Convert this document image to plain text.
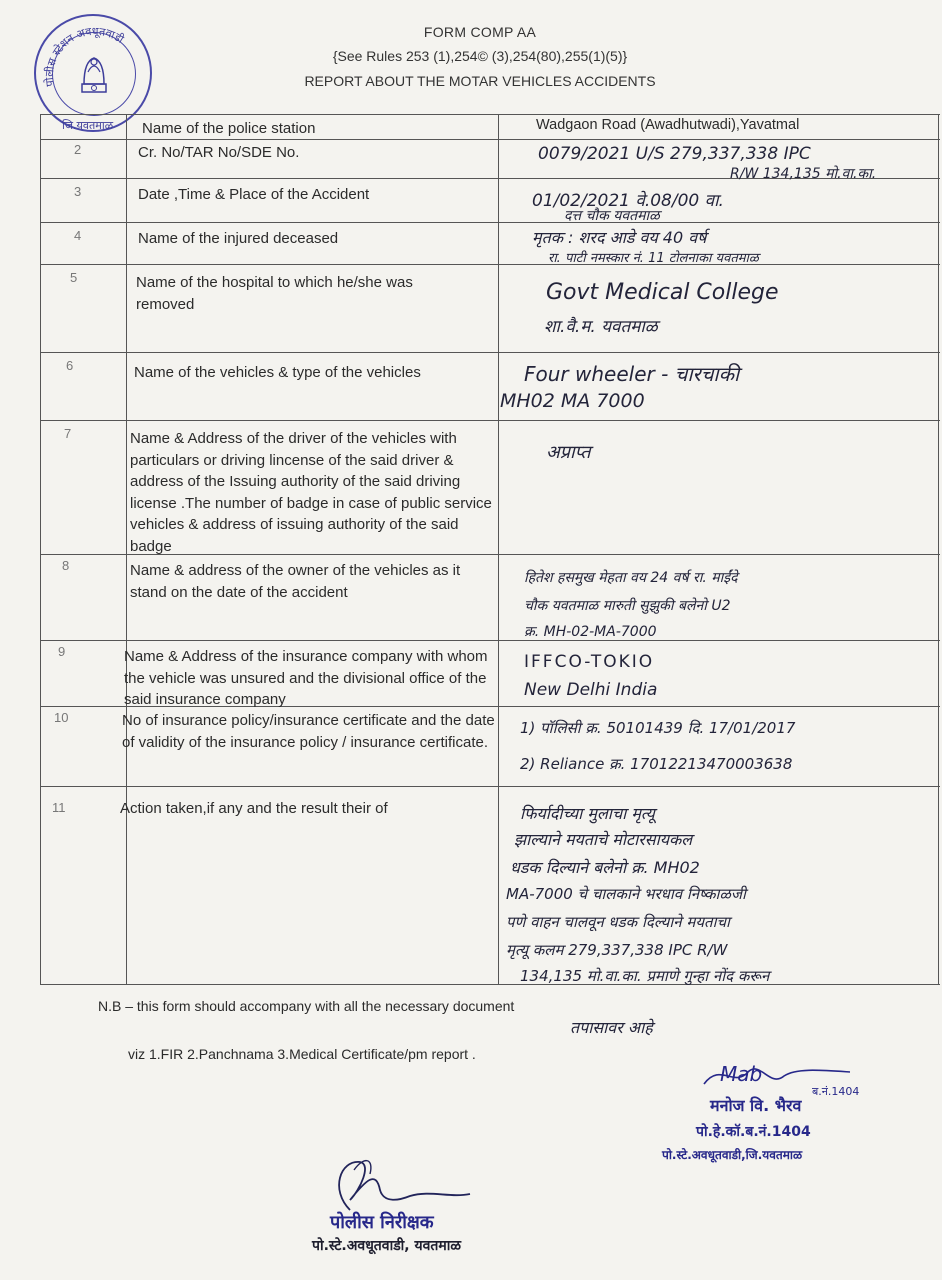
पोलीस स्टेशन अवधूतवाडी	FORM COMP AA
{See Rules 253 (1),254© (3),254(80),255(1)(5)}
REPORT ABOUT THE MOTAR VEHICLES ACCIDENTS
जि.यवतमाळ Name of the police station	Wadgaon Road (Awadhutwadi),Yavatmal
2	Cr. No/TAR No/SDE No.	0079/2021 U/S 279,337,338 IPC
R/W 134,135 मो.वा.का.
3	Date ,Time & Place of the Accident	01/02/2021 वे.08/00 वा.
दत्त चौक यवतमाळ
4	Name of the injured deceased	मृतक : शरद आडे वय 40 वर्ष
रा. पाटी नमस्कार नं. 11 टोलनाका यवतमाळ
5	Name of the hospital to which he/she was removed	Govt Medical College
शा.वै.म. यवतमाळ
6	Name of the vehicles & type of the vehicles	Four wheeler - चारचाकी
MH02 MA 7000
7	Name & Address of the driver of the vehicles with particulars or driving lincense of the said driver & address of the Issuing authority of the said driving license .The number of badge in case of public service vehicles & address of issuing authority of the said badge
अप्राप्त
8	Name & address of the owner of the vehicles as it stand on the date of the accident
हितेश हसमुख मेहता वय 24 वर्ष रा. माईंदे
चौक यवतमाळ मारुती सुझुकी बलेनो U2
क्र. MH-02-MA-7000
9	Name & Address of the insurance company with whom the vehicle was unsured and the divisional office of the said insurance company
IFFCO-TOKIO
New Delhi India
10	No of insurance policy/insurance certificate and the date of validity of the insurance policy / insurance certificate.
1) पॉलिसी क्र. 50101439 दि. 17/01/2017
2) Reliance क्र. 17012213470003638
11	Action taken,if any and the result their of	फिर्यादीच्या मुलाचा मृत्यू
झाल्याने मयताचे मोटारसायकल
धडक दिल्याने बलेनो क्र. MH02
MA-7000 चे चालकाने भरधाव निष्काळजी
पणे वाहन चालवून धडक दिल्याने मयताचा
मृत्यू कलम 279,337,338 IPC R/W
134,135 मो.वा.का. प्रमाणे गुन्हा नोंद करून
N.B – this form should accompany with all the necessary document
तपासावर आहे
viz 1.FIR 2.Panchnama 3.Medical Certificate/pm report .
Mab
ब.नं.1404
मनोज वि. भैरव
पो.हे.कॉ.ब.नं.1404
पो.स्टे.अवधूतवाडी,जि.यवतमाळ
पोलीस निरीक्षक
पो.स्टे.अवधूतवाडी, यवतमाळ
